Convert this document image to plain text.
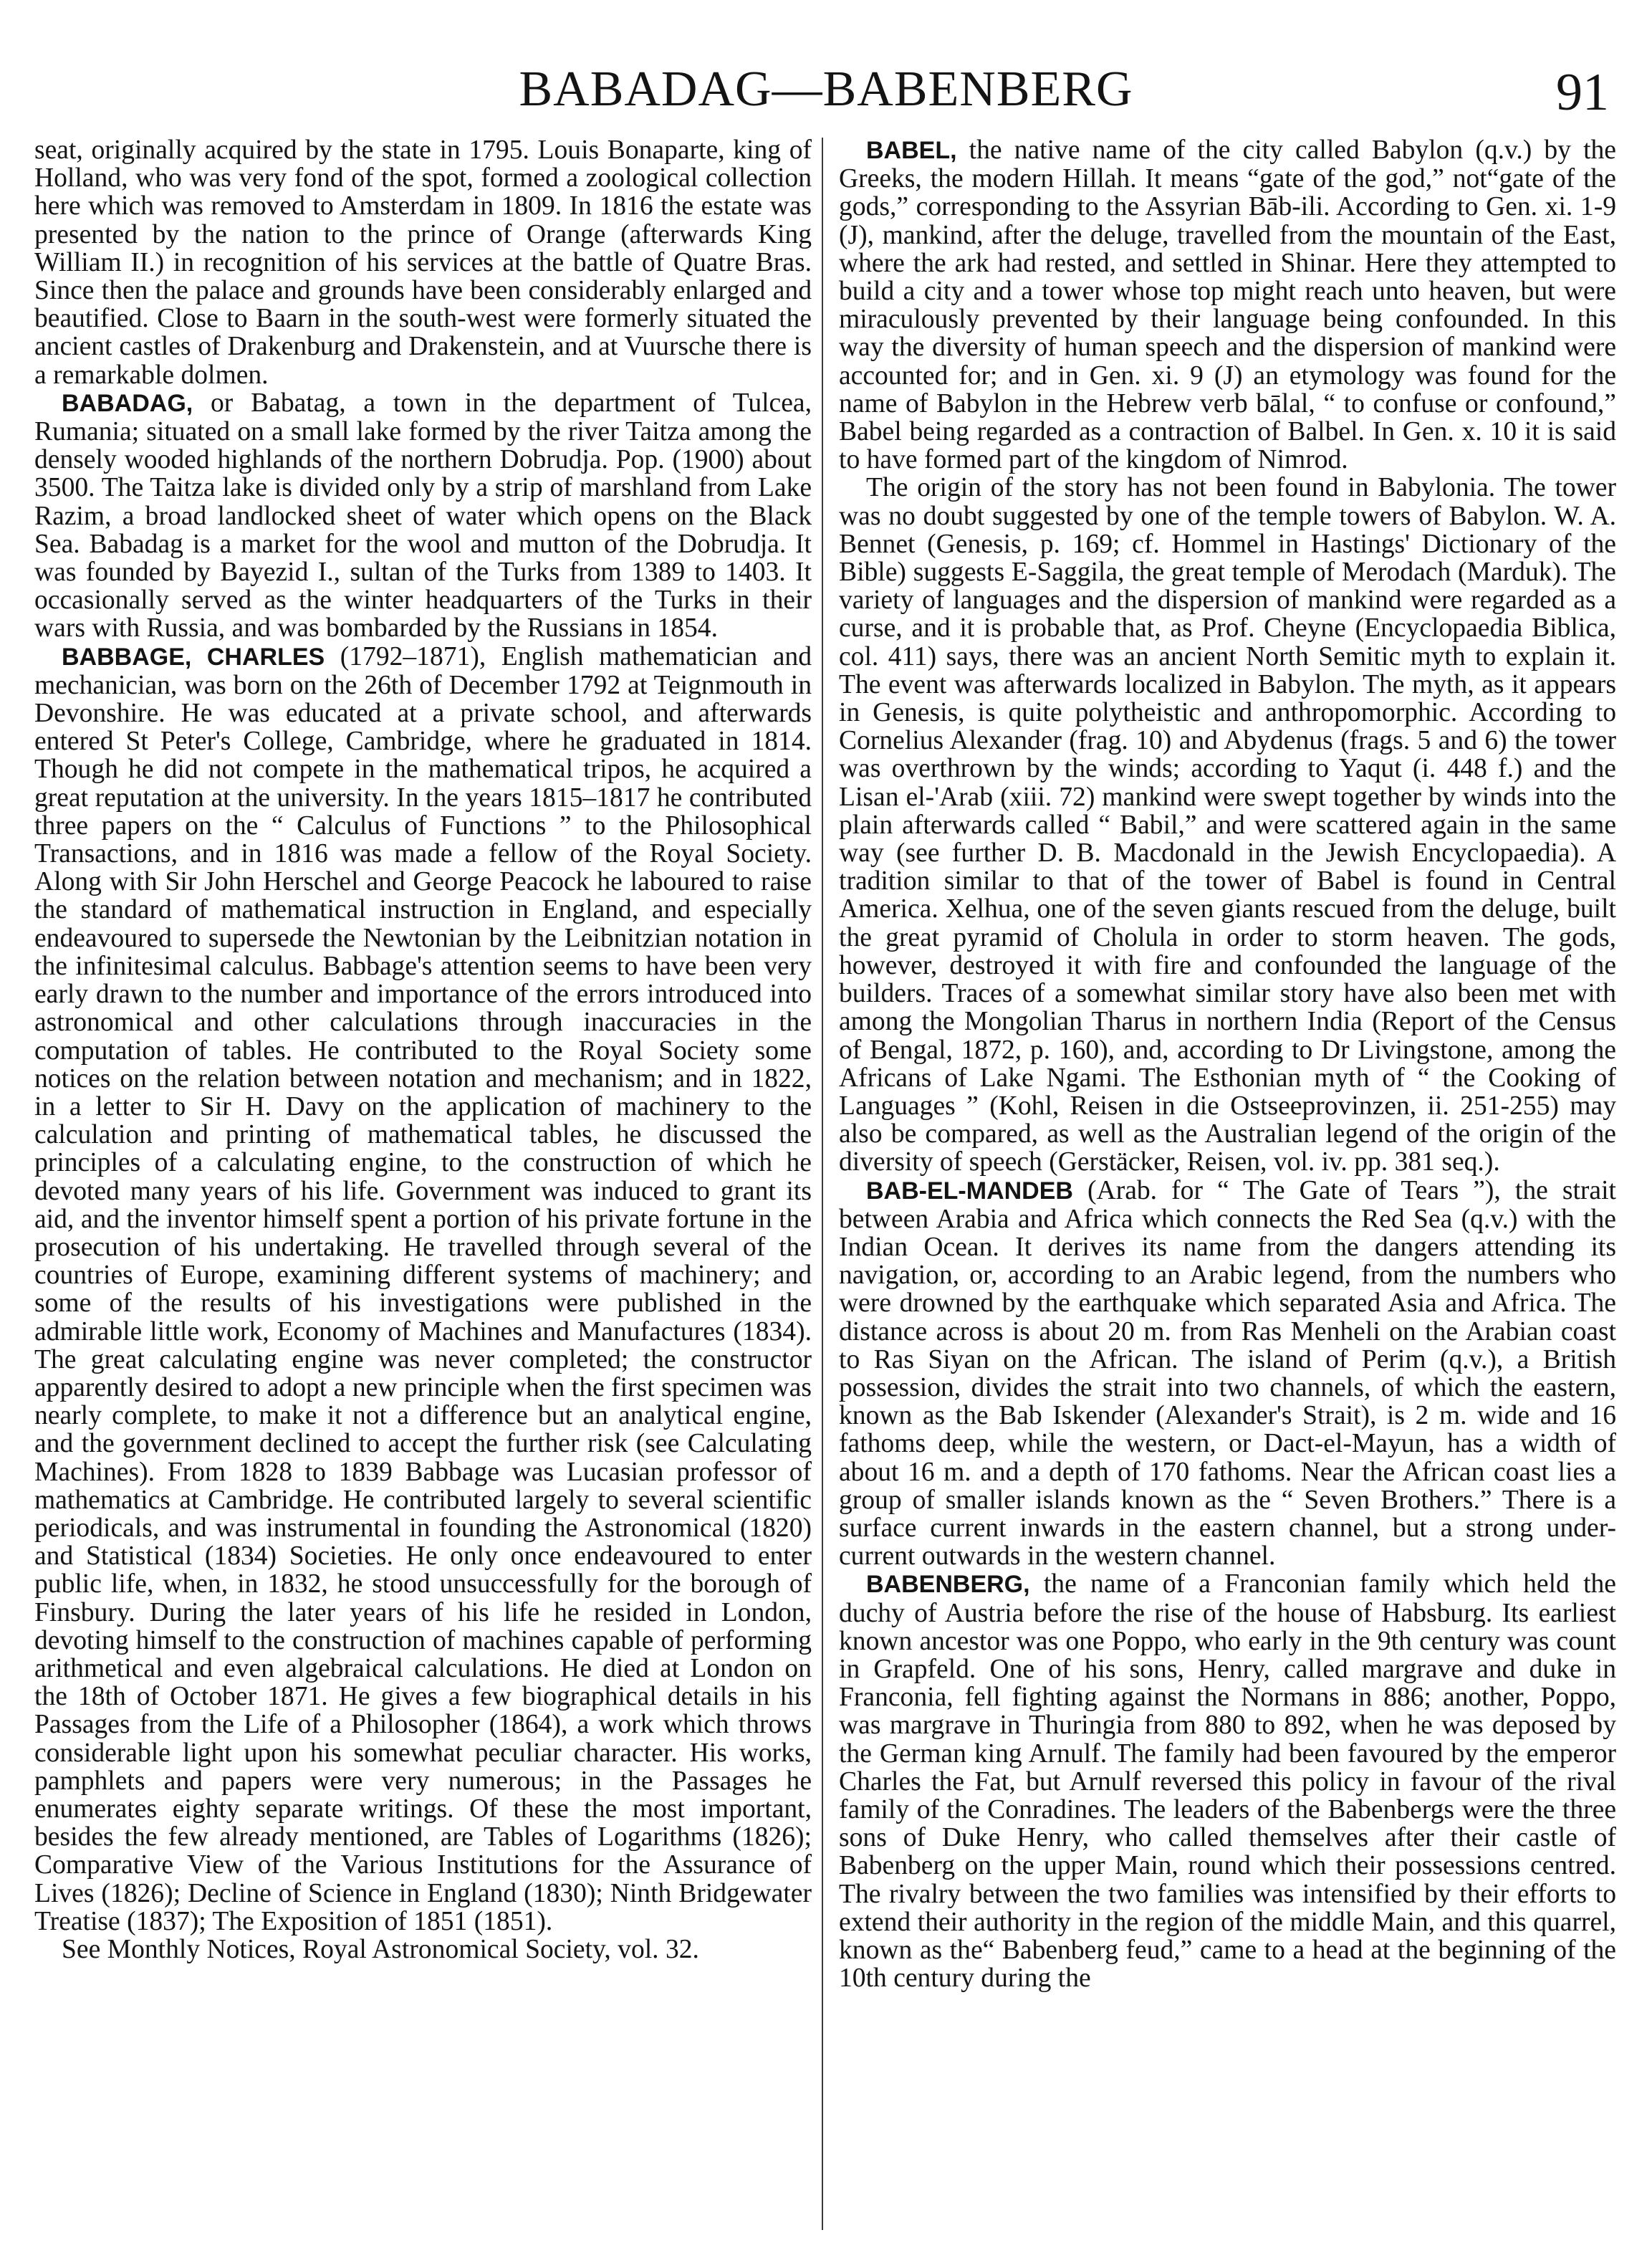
BABADAG—BABENBERG	91

seat, originally acquired by the state in 1795. Louis Bonaparte, king of Holland, who was very fond of the spot, formed a zoological collection here which was removed to Amsterdam in 1809. In 1816 the estate was presented by the nation to the prince of Orange (afterwards King William II.) in recognition of his services at the battle of Quatre Bras. Since then the palace and grounds have been considerably enlarged and beautified. Close to Baarn in the south-west were formerly situated the ancient castles of Drakenburg and Drakenstein, and at Vuursche there is a remarkable dolmen.

BABADAG, or Babatag, a town in the department of Tulcea, Rumania; situated on a small lake formed by the river Taitza among the densely wooded highlands of the northern Dobrudja. Pop. (1900) about 3500. The Taitza lake is divided only by a strip of marshland from Lake Razim, a broad landlocked sheet of water which opens on the Black Sea. Babadag is a market for the wool and mutton of the Dobrudja. It was founded by Bayezid I., sultan of the Turks from 1389 to 1403. It occasionally served as the winter headquarters of the Turks in their wars with Russia, and was bombarded by the Russians in 1854.

BABBAGE, CHARLES (1792–1871), English mathematician and mechanician, was born on the 26th of December 1792 at Teignmouth in Devonshire. He was educated at a private school, and afterwards entered St Peter's College, Cambridge, where he graduated in 1814. Though he did not compete in the mathematical tripos, he acquired a great reputation at the university. In the years 1815–1817 he contributed three papers on the “ Calculus of Functions ” to the Philosophical Transactions, and in 1816 was made a fellow of the Royal Society. Along with Sir John Herschel and George Peacock he laboured to raise the standard of mathematical instruction in England, and especially endeavoured to supersede the Newtonian by the Leibnitzian notation in the infinitesimal calculus. Babbage's attention seems to have been very early drawn to the number and importance of the errors introduced into astronomical and other calculations through inaccuracies in the computation of tables. He contributed to the Royal Society some notices on the relation between notation and mechanism; and in 1822, in a letter to Sir H. Davy on the application of machinery to the calculation and printing of mathematical tables, he discussed the principles of a calculating engine, to the construction of which he devoted many years of his life. Government was induced to grant its aid, and the inventor himself spent a portion of his private fortune in the prosecution of his undertaking. He travelled through several of the countries of Europe, examining different systems of machinery; and some of the results of his investigations were published in the admirable little work, Economy of Machines and Manufactures (1834). The great calculating engine was never completed; the constructor apparently desired to adopt a new principle when the first specimen was nearly complete, to make it not a difference but an analytical engine, and the government declined to accept the further risk (see Calculating Machines). From 1828 to 1839 Babbage was Lucasian professor of mathematics at Cambridge. He contributed largely to several scientific periodicals, and was instrumental in founding the Astronomical (1820) and Statistical (1834) Societies. He only once endeavoured to enter public life, when, in 1832, he stood unsuccessfully for the borough of Finsbury. During the later years of his life he resided in London, devoting himself to the construction of machines capable of performing arithmetical and even algebraical calculations. He died at London on the 18th of October 1871. He gives a few biographical details in his Passages from the Life of a Philosopher (1864), a work which throws considerable light upon his somewhat peculiar character. His works, pamphlets and papers were very numerous; in the Passages he enumerates eighty separate writings. Of these the most important, besides the few already mentioned, are Tables of Logarithms (1826); Comparative View of the Various Institutions for the Assurance of Lives (1826); Decline of Science in England (1830); Ninth Bridgewater Treatise (1837); The Exposition of 1851 (1851).

See Monthly Notices, Royal Astronomical Society, vol. 32.

BABEL, the native name of the city called Babylon (q.v.) by the Greeks, the modern Hillah. It means “gate of the god,” not“gate of the gods,” corresponding to the Assyrian Bāb-ili. According to Gen. xi. 1-9 (J), mankind, after the deluge, travelled from the mountain of the East, where the ark had rested, and settled in Shinar. Here they attempted to build a city and a tower whose top might reach unto heaven, but were miraculously prevented by their language being confounded. In this way the diversity of human speech and the dispersion of mankind were accounted for; and in Gen. xi. 9 (J) an etymology was found for the name of Babylon in the Hebrew verb bālal, “ to confuse or confound,” Babel being regarded as a contraction of Balbel. In Gen. x. 10 it is said to have formed part of the kingdom of Nimrod.

The origin of the story has not been found in Babylonia. The tower was no doubt suggested by one of the temple towers of Babylon. W. A. Bennet (Genesis, p. 169; cf. Hommel in Hastings' Dictionary of the Bible) suggests E-Saggila, the great temple of Merodach (Marduk). The variety of languages and the dispersion of mankind were regarded as a curse, and it is probable that, as Prof. Cheyne (Encyclopaedia Biblica, col. 411) says, there was an ancient North Semitic myth to explain it. The event was afterwards localized in Babylon. The myth, as it appears in Genesis, is quite polytheistic and anthropomorphic. According to Cornelius Alexander (frag. 10) and Abydenus (frags. 5 and 6) the tower was overthrown by the winds; according to Yaqut (i. 448 f.) and the Lisan el-'Arab (xiii. 72) mankind were swept together by winds into the plain afterwards called “ Babil,” and were scattered again in the same way (see further D. B. Macdonald in the Jewish Encyclopaedia). A tradition similar to that of the tower of Babel is found in Central America. Xelhua, one of the seven giants rescued from the deluge, built the great pyramid of Cholula in order to storm heaven. The gods, however, destroyed it with fire and confounded the language of the builders. Traces of a somewhat similar story have also been met with among the Mongolian Tharus in northern India (Report of the Census of Bengal, 1872, p. 160), and, according to Dr Livingstone, among the Africans of Lake Ngami. The Esthonian myth of “ the Cooking of Languages ” (Kohl, Reisen in die Ostseeprovinzen, ii. 251-255) may also be compared, as well as the Australian legend of the origin of the diversity of speech (Gerstäcker, Reisen, vol. iv. pp. 381 seq.).

BAB-EL-MANDEB (Arab. for “ The Gate of Tears ”), the strait between Arabia and Africa which connects the Red Sea (q.v.) with the Indian Ocean. It derives its name from the dangers attending its navigation, or, according to an Arabic legend, from the numbers who were drowned by the earthquake which separated Asia and Africa. The distance across is about 20 m. from Ras Menheli on the Arabian coast to Ras Siyan on the African. The island of Perim (q.v.), a British possession, divides the strait into two channels, of which the eastern, known as the Bab Iskender (Alexander's Strait), is 2 m. wide and 16 fathoms deep, while the western, or Dact-el-Mayun, has a width of about 16 m. and a depth of 170 fathoms. Near the African coast lies a group of smaller islands known as the “ Seven Brothers.” There is a surface current inwards in the eastern channel, but a strong under-current outwards in the western channel.

BABENBERG, the name of a Franconian family which held the duchy of Austria before the rise of the house of Habsburg. Its earliest known ancestor was one Poppo, who early in the 9th century was count in Grapfeld. One of his sons, Henry, called margrave and duke in Franconia, fell fighting against the Normans in 886; another, Poppo, was margrave in Thuringia from 880 to 892, when he was deposed by the German king Arnulf. The family had been favoured by the emperor Charles the Fat, but Arnulf reversed this policy in favour of the rival family of the Conradines. The leaders of the Babenbergs were the three sons of Duke Henry, who called themselves after their castle of Babenberg on the upper Main, round which their possessions centred. The rivalry between the two families was intensified by their efforts to extend their authority in the region of the middle Main, and this quarrel, known as the“ Babenberg feud,” came to a head at the beginning of the 10th century during the
